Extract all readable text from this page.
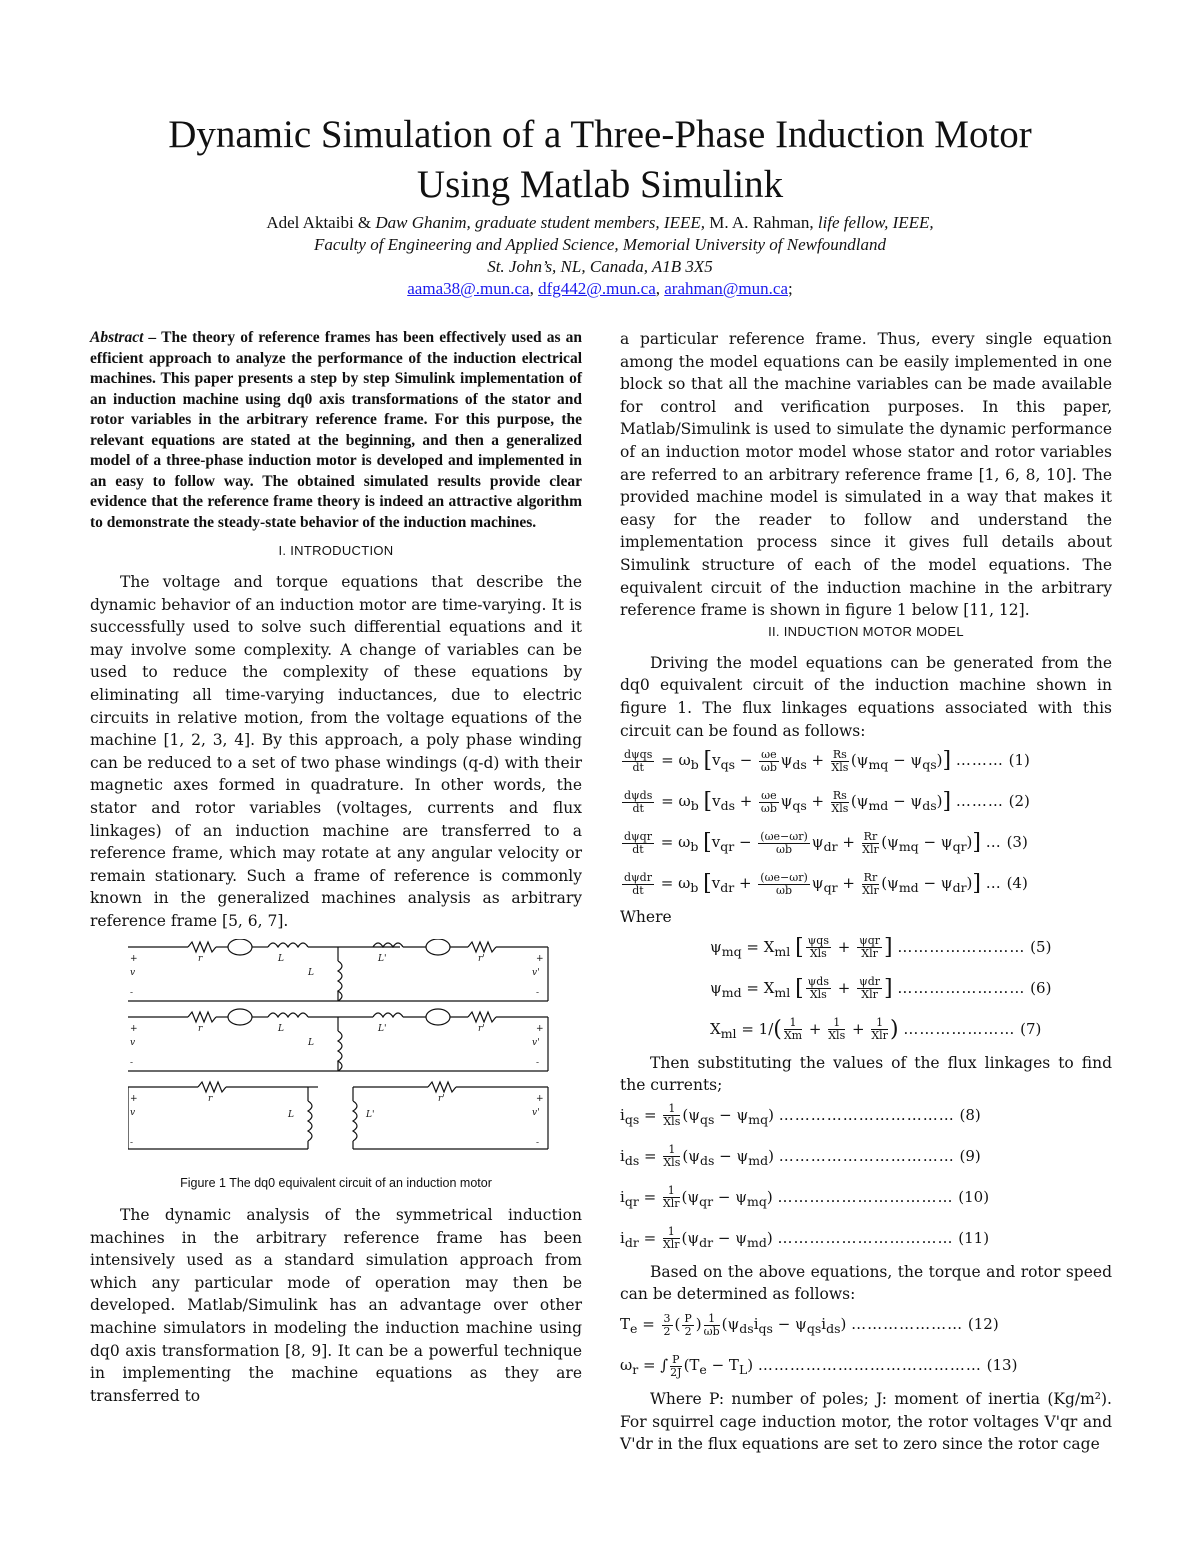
Dynamic Simulation of a Three-Phase Induction Motor
Using Matlab Simulink
Adel Aktaibi & Daw Ghanim, graduate student members, IEEE, M. A. Rahman, life fellow, IEEE,
Faculty of Engineering and Applied Science, Memorial University of Newfoundland
St. John’s, NL, Canada, A1B 3X5
aama38@.mun.ca, dfg442@.mun.ca, arahman@mun.ca;

Abstract – The theory of reference frames has been effectively used as an efficient approach to analyze the performance of the induction electrical machines. This paper presents a step by step Simulink implementation of an induction machine using dq0 axis transformations of the stator and rotor variables in the arbitrary reference frame. For this purpose, the relevant equations are stated at the beginning, and then a generalized model of a three-phase induction motor is developed and implemented in an easy to follow way. The obtained simulated results provide clear evidence that the reference frame theory is indeed an attractive algorithm to demonstrate the steady-state behavior of the induction machines.

I. INTRODUCTION

The voltage and torque equations that describe the dynamic behavior of an induction motor are time-varying. It is successfully used to solve such differential equations and it may involve some complexity. A change of variables can be used to reduce the complexity of these equations by eliminating all time-varying inductances, due to electric circuits in relative motion, from the voltage equations of the machine [1, 2, 3, 4]. By this approach, a poly phase winding can be reduced to a set of two phase windings (q-d) with their magnetic axes formed in quadrature. In other words, the stator and rotor variables (voltages, currents and flux linkages) of an induction machine are transferred to a reference frame, which may rotate at any angular velocity or remain stationary. Such a frame of reference is commonly known in the generalized machines analysis as arbitrary reference frame [5, 6, 7].

+
v
-
+
v
-
+
v
-
+
v'
-
+
v'
-
+
v'
-
r	L
L
L'	r'
r	L
L
L'	r'
r
L	L'
r'
Figure 1 The dq0 equivalent circuit of an induction motor

The dynamic analysis of the symmetrical induction machines in the arbitrary reference frame has been intensively used as a standard simulation approach from which any particular mode of operation may then be developed. Matlab/Simulink has an advantage over other machine simulators in modeling the induction machine using dq0 axis transformation [8, 9]. It can be a powerful technique in implementing the machine equations as they are transferred to

a particular reference frame. Thus, every single equation among the model equations can be easily implemented in one block so that all the machine variables can be made available for control and verification purposes. In this paper, Matlab/Simulink is used to simulate the dynamic performance of an induction motor model whose stator and rotor variables are referred to an arbitrary reference frame [1, 6, 8, 10]. The provided machine model is simulated in a way that makes it easy for the reader to follow and understand the implementation process since it gives full details about Simulink structure of each of the model equations. The equivalent circuit of the induction machine in the arbitrary reference frame is shown in figure 1 below [11, 12].

II. INDUCTION MOTOR MODEL

Driving the model equations can be generated from the dq0 equivalent circuit of the induction machine shown in figure 1. The flux linkages equations associated with this circuit can be found as follows:

$\frac{\text{dψqs}}{dt} = \omega_b$ $[v_{qs} - \frac{\omega e}{\omega b} \psi_{ds} + \frac{Rs}{\text{Xls}} (\psi_{mq} - \psi_{qs})]$ ……… (1)
$\frac{\text{dψds}}{dt} = \omega_b$ $[v_{ds} + \frac{\omega e}{\omega b} \psi_{qs} + \frac{Rs}{\text{Xls}} (\psi_{md} - \psi_{ds})]$ ……… (2)
$\frac{\text{dψqr}}{dt} = \omega_b$ $[v_{qr} - \frac{(\omega e-\omega r)}{\omega b} \psi_{dr} + \frac{Rr}{\text{Xlr}} (\psi_{mq} - \psi_{qr})]$ … (3)
$\frac{\text{dψdr}}{dt} = \omega_b$ $[v_{dr} + \frac{(\omega e-\omega r)}{\omega b} \psi_{qr} + \frac{Rr}{\text{Xlr}} (\psi_{md} - \psi_{dr})]$ … (4)
Where
$\psi_{mq} = X_{ml}$ [ $\frac{\text{ψqs}}{\text{Xls}} + \frac{\text{ψqr}}{\text{Xlr}}$ ] …………………… (5)
$\psi_{md} = X_{ml}$ [ $\frac{\text{ψds}}{\text{Xls}} + \frac{\text{ψdr}}{\text{Xlr}}$ ] …………………… (6)
$X_{ml} = 1/( \frac{1}{Xm} + \frac{1}{\text{Xls}} + \frac{1}{\text{Xlr}}$ ) ………………… (7)

Then substituting the values of the flux linkages to find the currents;

$i_{qs} = \frac{1}{\text{Xls}} (\psi_{qs} - \psi_{mq})$ …………………………… (8)
$i_{ds} = \frac{1}{\text{Xls}} (\psi_{ds} - \psi_{md})$ …………………………… (9)
$i_{qr} = \frac{1}{\text{Xlr}} (\psi_{qr} - \psi_{mq})$ …………………………… (10)
$i_{dr} = \frac{1}{\text{Xlr}} (\psi_{dr} - \psi_{md})$ …………………………… (11)

Based on the above equations, the torque and rotor speed can be determined as follows:

$T_e = \frac{3}{2}$ ( $\frac{P}{2}$ ) $\frac{1}{\omega b} (\psi_{ds}i_{qs} - \psi_{qs}i_{ds})$ ………………… (12)
$\omega_r$ = ∫ $\frac{P}{2J} (T_e - T_L)$ …………………………………… (13)

Where P: number of poles; J: moment of inertia (Kg/m²). For squirrel cage induction motor, the rotor voltages V'qr and V'dr in the flux equations are set to zero since the rotor cage
